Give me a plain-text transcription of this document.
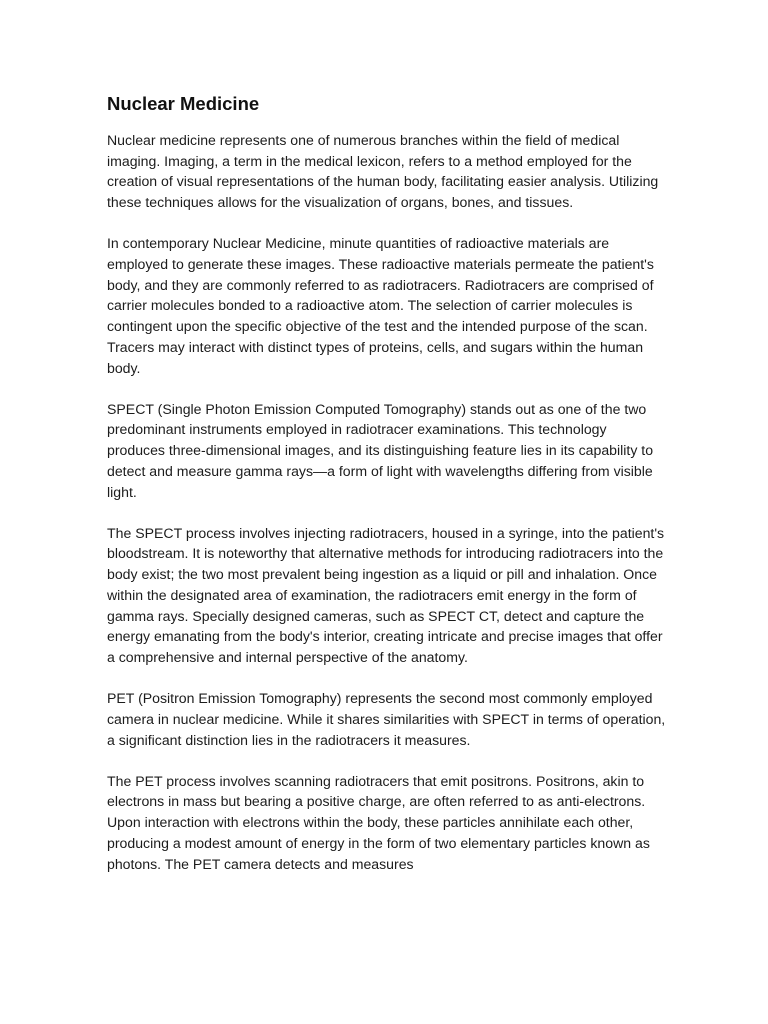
Nuclear Medicine

Nuclear medicine represents one of numerous branches within the field of medical imaging. Imaging, a term in the medical lexicon, refers to a method employed for the creation of visual representations of the human body, facilitating easier analysis. Utilizing these techniques allows for the visualization of organs, bones, and tissues.

In contemporary Nuclear Medicine, minute quantities of radioactive materials are employed to generate these images. These radioactive materials permeate the patient's body, and they are commonly referred to as radiotracers. Radiotracers are comprised of carrier molecules bonded to a radioactive atom. The selection of carrier molecules is contingent upon the specific objective of the test and the intended purpose of the scan. Tracers may interact with distinct types of proteins, cells, and sugars within the human body.

SPECT (Single Photon Emission Computed Tomography) stands out as one of the two predominant instruments employed in radiotracer examinations. This technology produces three-dimensional images, and its distinguishing feature lies in its capability to detect and measure gamma rays—a form of light with wavelengths differing from visible light.

The SPECT process involves injecting radiotracers, housed in a syringe, into the patient's bloodstream. It is noteworthy that alternative methods for introducing radiotracers into the body exist; the two most prevalent being ingestion as a liquid or pill and inhalation. Once within the designated area of examination, the radiotracers emit energy in the form of gamma rays. Specially designed cameras, such as SPECT CT, detect and capture the energy emanating from the body's interior, creating intricate and precise images that offer a comprehensive and internal perspective of the anatomy.

PET (Positron Emission Tomography) represents the second most commonly employed camera in nuclear medicine. While it shares similarities with SPECT in terms of operation, a significant distinction lies in the radiotracers it measures.

The PET process involves scanning radiotracers that emit positrons. Positrons, akin to electrons in mass but bearing a positive charge, are often referred to as anti-electrons. Upon interaction with electrons within the body, these particles annihilate each other, producing a modest amount of energy in the form of two elementary particles known as photons. The PET camera detects and measures
